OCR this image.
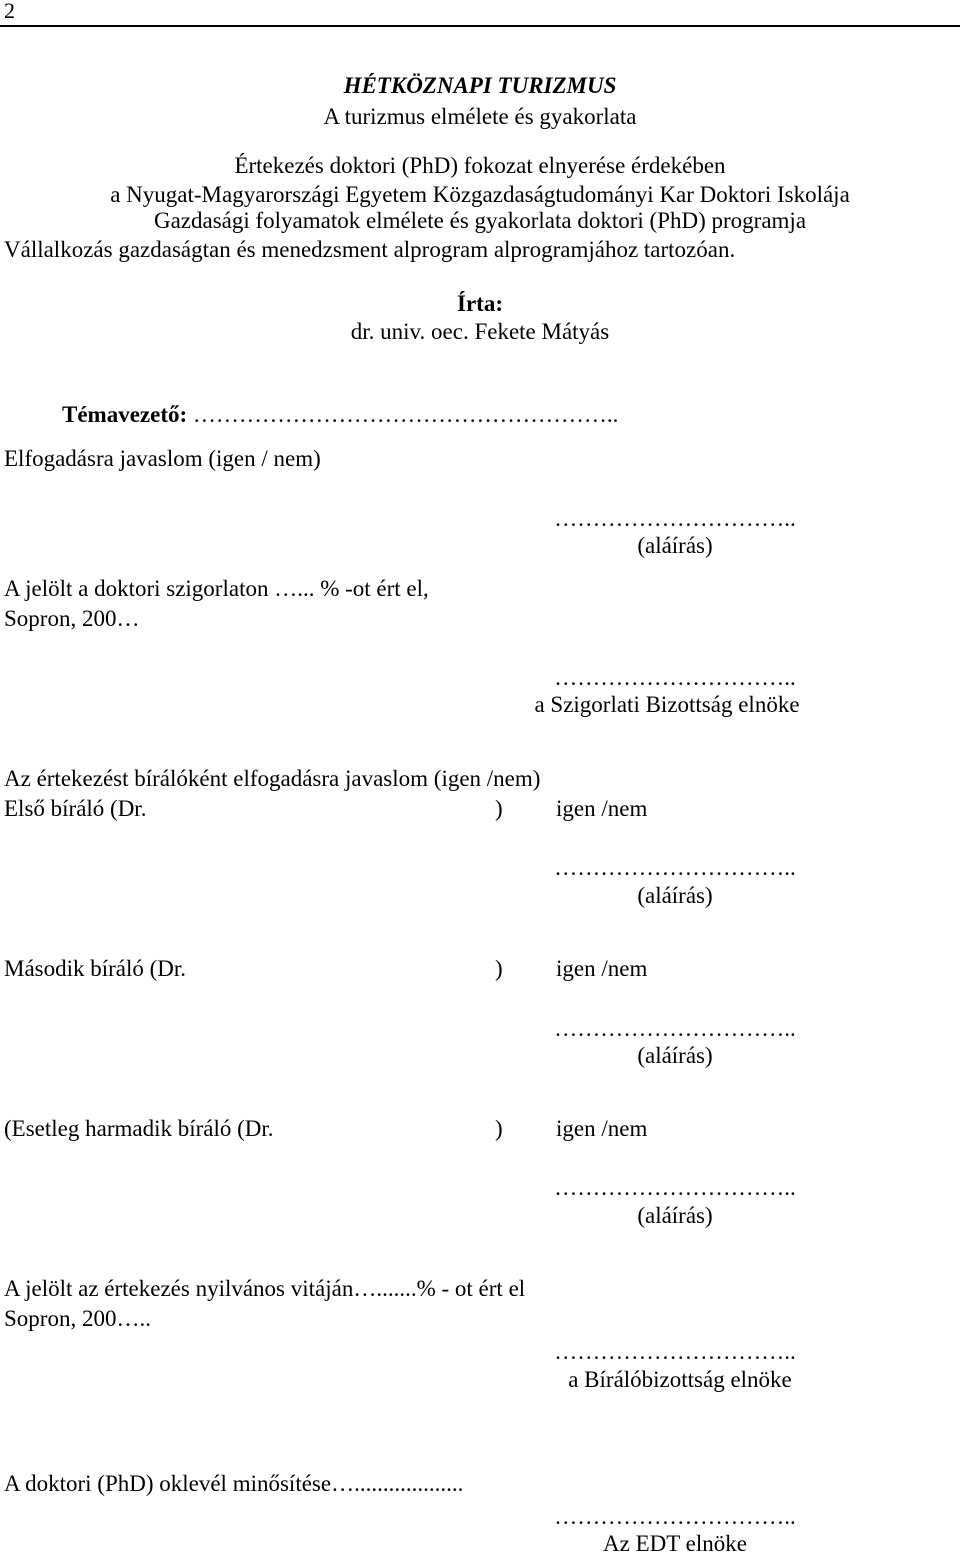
2
HÉTKÖZNAPI TURIZMUS
A turizmus elmélete és gyakorlata
Értekezés doktori (PhD) fokozat elnyerése érdekében
a Nyugat-Magyarországi Egyetem Közgazdaságtudományi Kar Doktori Iskolája
Gazdasági folyamatok elmélete és gyakorlata doktori (PhD) programja
Vállalkozás gazdaságtan és menedzsment alprogram alprogramjához tartozóan.
Írta:
dr. univ. oec. Fekete Mátyás
Témavezető: ………………………………………………..
Elfogadásra javaslom (igen / nem)
…………………………..
(aláírás)
A jelölt a doktori szigorlaton …... % -ot ért el,
Sopron, 200…
…………………………..
a Szigorlati Bizottság elnöke
Az értekezést bírálóként elfogadásra javaslom (igen /nem)
Első bíráló (Dr.	) igen /nem
…………………………..
(aláírás)
Második bíráló (Dr.	) igen /nem
…………………………..
(aláírás)
(Esetleg harmadik bíráló (Dr.	) igen /nem
…………………………..
(aláírás)
A jelölt az értekezés nyilvános vitáján….......% - ot ért el
Sopron, 200…..
…………………………..
a Bírálóbizottság elnöke
A doktori (PhD) oklevél minősítése…...................
…………………………..
Az EDT elnöke
